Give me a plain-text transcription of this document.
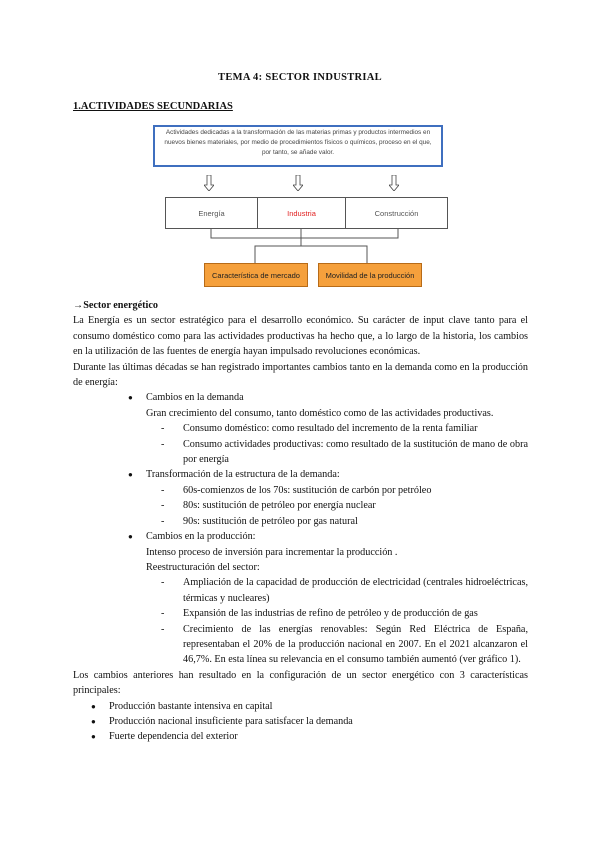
TEMA 4: SECTOR INDUSTRIAL
1.ACTIVIDADES SECUNDARIAS
Actividades dedicadas a la transformación de las materias primas y productos intermedios en nuevos bienes materiales, por medio de procedimientos físicos o químicos, proceso en el que, por tanto, se añade valor.
Energía	Industria	Construcción
Característica de mercado	Movilidad de la producción

→Sector energético

La Energía es un sector estratégico para el desarrollo económico. Su carácter de input clave tanto para el consumo doméstico como para las actividades productivas ha hecho que, a lo largo de la historia, los cambios en la utilización de las fuentes de energía hayan impulsado revoluciones económicas.

Durante las últimas décadas se han registrado importantes cambios tanto en la demanda como en la producción de energía:

● Cambios en la demanda
Gran crecimiento del consumo, tanto doméstico como de las actividades productivas.
- Consumo doméstico: como resultado del incremento de la renta familiar
- Consumo actividades productivas: como resultado de la sustitución de mano de obra por energía
● Transformación de la estructura de la demanda:
- 60s-comienzos de los 70s: sustitución de carbón por petróleo
- 80s: sustitución de petróleo por energía nuclear
- 90s: sustitución de petróleo por gas natural
● Cambios en la producción:
Intenso proceso de inversión para incrementar la producción .
Reestructuración del sector:
- Ampliación de la capacidad de producción de electricidad (centrales hidroeléctricas, térmicas y nucleares)
- Expansión de las industrias de refino de petróleo y de producción de gas
- Crecimiento de las energías renovables: Según Red Eléctrica de España, representaban el 20% de la producción nacional en 2007. En el 2021 alcanzaron el 46,7%. En esta línea su relevancia en el consumo también aumentó (ver gráfico 1).

Los cambios anteriores han resultado en la configuración de un sector energético con 3 características principales:

● Producción bastante intensiva en capital
● Producción nacional insuficiente para satisfacer la demanda
● Fuerte dependencia del exterior
